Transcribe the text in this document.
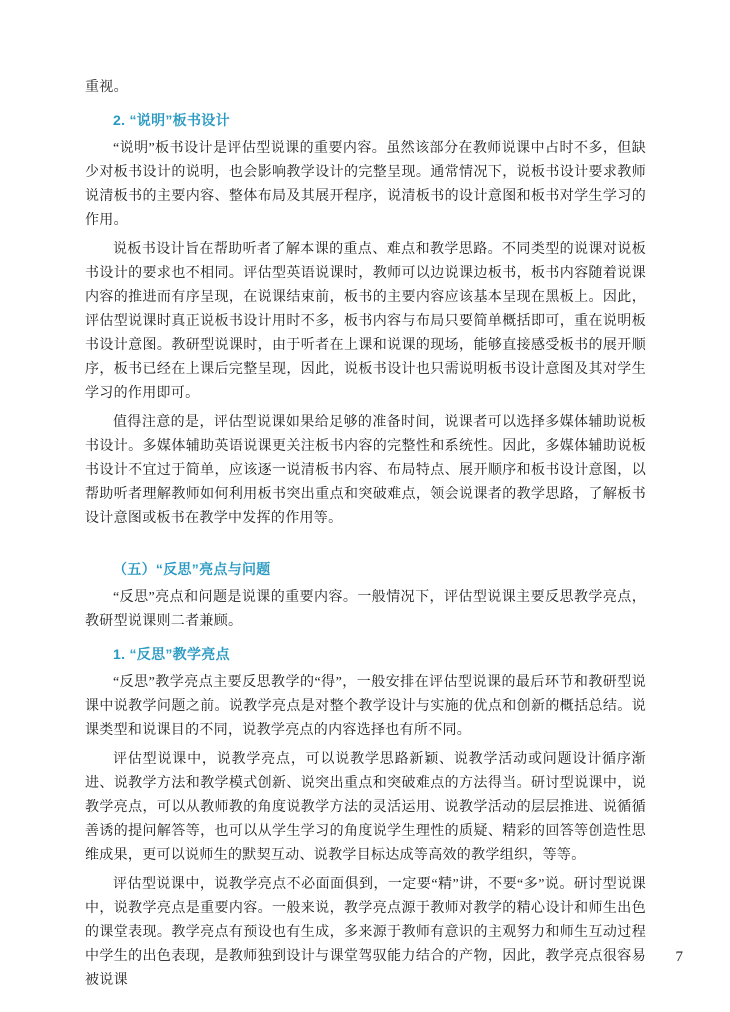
重视。

2. “说明”板书设计

“说明”板书设计是评估型说课的重要内容。虽然该部分在教师说课中占时不多，但缺少对板书设计的说明，也会影响教学设计的完整呈现。通常情况下，说板书设计要求教师说清板书的主要内容、整体布局及其展开程序，说清板书的设计意图和板书对学生学习的作用。

说板书设计旨在帮助听者了解本课的重点、难点和教学思路。不同类型的说课对说板书设计的要求也不相同。评估型英语说课时，教师可以边说课边板书，板书内容随着说课内容的推进而有序呈现，在说课结束前，板书的主要内容应该基本呈现在黑板上。因此，评估型说课时真正说板书设计用时不多，板书内容与布局只要简单概括即可，重在说明板书设计意图。教研型说课时，由于听者在上课和说课的现场，能够直接感受板书的展开顺序，板书已经在上课后完整呈现，因此，说板书设计也只需说明板书设计意图及其对学生学习的作用即可。

值得注意的是，评估型说课如果给足够的准备时间，说课者可以选择多媒体辅助说板书设计。多媒体辅助英语说课更关注板书内容的完整性和系统性。因此，多媒体辅助说板书设计不宜过于简单，应该逐一说清板书内容、布局特点、展开顺序和板书设计意图，以帮助听者理解教师如何利用板书突出重点和突破难点，领会说课者的教学思路，了解板书设计意图或板书在教学中发挥的作用等。

（五）“反思”亮点与问题

“反思”亮点和问题是说课的重要内容。一般情况下，评估型说课主要反思教学亮点，教研型说课则二者兼顾。

1. “反思”教学亮点

“反思”教学亮点主要反思教学的“得”，一般安排在评估型说课的最后环节和教研型说课中说教学问题之前。说教学亮点是对整个教学设计与实施的优点和创新的概括总结。说课类型和说课目的不同，说教学亮点的内容选择也有所不同。

评估型说课中，说教学亮点，可以说教学思路新颖、说教学活动或问题设计循序渐进、说教学方法和教学模式创新、说突出重点和突破难点的方法得当。研讨型说课中，说教学亮点，可以从教师教的角度说教学方法的灵活运用、说教学活动的层层推进、说循循善诱的提问解答等，也可以从学生学习的角度说学生理性的质疑、精彩的回答等创造性思维成果，更可以说师生的默契互动、说教学目标达成等高效的教学组织，等等。

评估型说课中，说教学亮点不必面面俱到，一定要“精”讲，不要“多”说。研讨型说课中，说教学亮点是重要内容。一般来说，教学亮点源于教师对教学的精心设计和师生出色的课堂表现。教学亮点有预设也有生成，多来源于教师有意识的主观努力和师生互动过程中学生的出色表现，是教师独到设计与课堂驾驭能力结合的产物，因此，教学亮点很容易被说课

7
